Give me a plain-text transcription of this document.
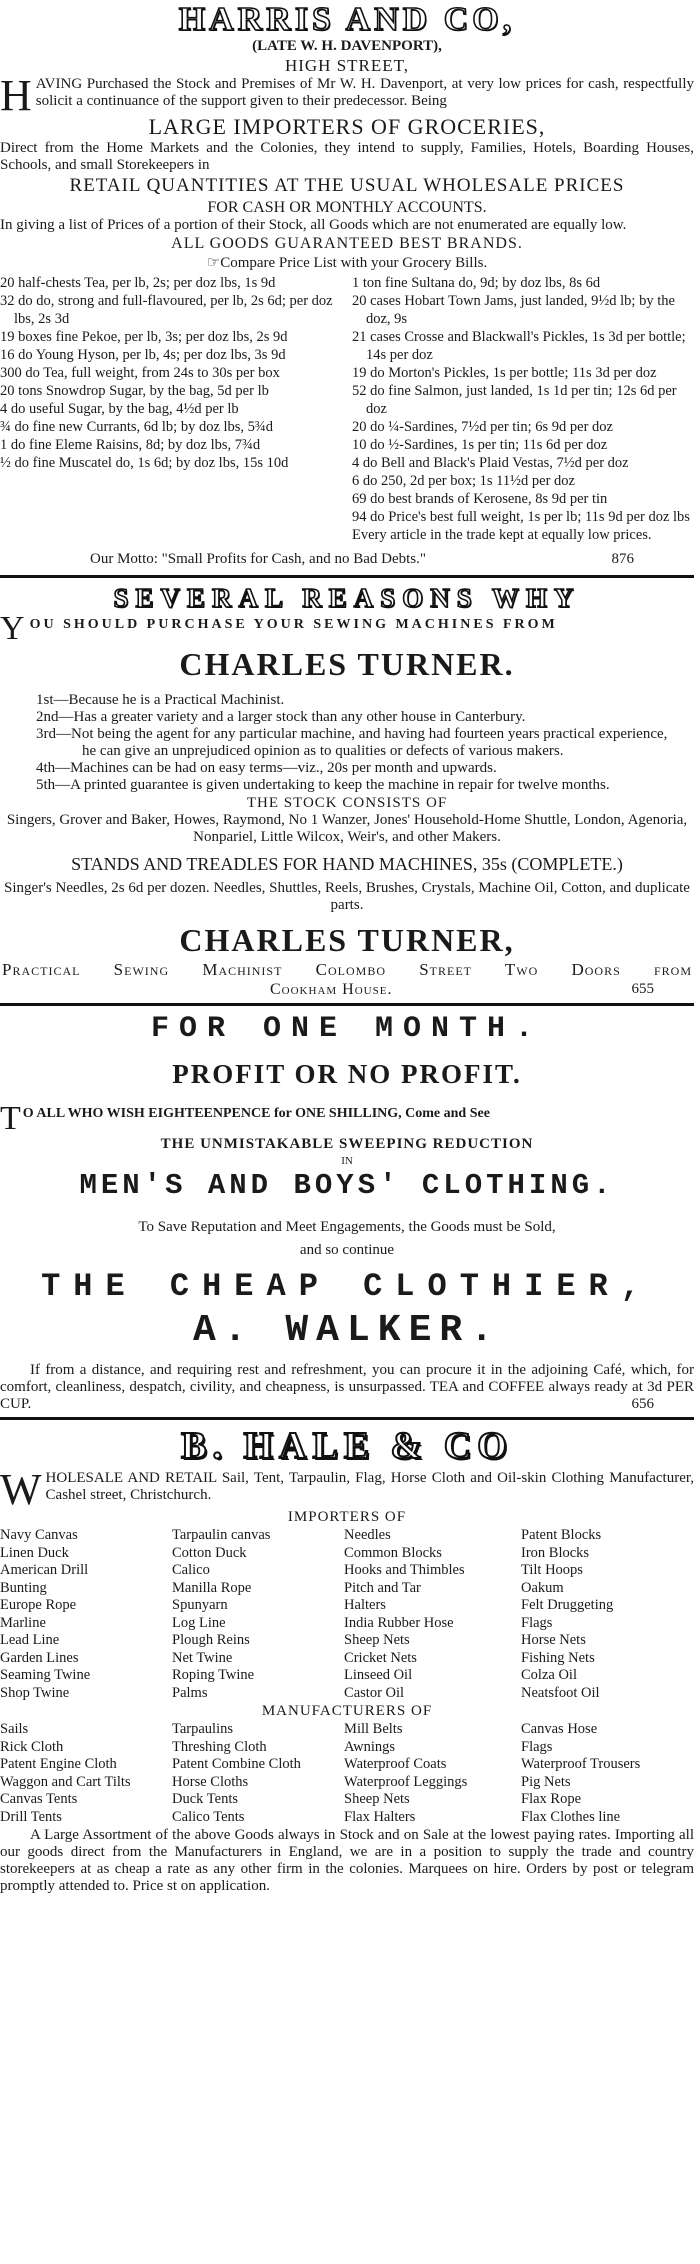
HARRIS AND CO,
(LATE W. H. DAVENPORT),
HIGH STREET,
H AVING Purchased the Stock and Premises of Mr W. H. Davenport, at very low prices for cash, respectfully solicit a continuance of the support given to their predecessor. Being
LARGE IMPORTERS OF GROCERIES,
Direct from the Home Markets and the Colonies, they intend to supply, Families, Hotels, Boarding Houses, Schools, and small Storekeepers in
RETAIL QUANTITIES AT THE USUAL WHOLESALE PRICES
FOR CASH OR MONTHLY ACCOUNTS.
In giving a list of Prices of a portion of their Stock, all Goods which are not enumerated are equally low.
ALL GOODS GUARANTEED BEST BRANDS.
☞Compare Price List with your Grocery Bills.
20 half-chests Tea, per lb, 2s; per doz lbs, 1s 9d
32 do do, strong and full-flavoured, per lb, 2s 6d; per doz lbs, 2s 3d
19 boxes fine Pekoe, per lb, 3s; per doz lbs, 2s 9d
16 do Young Hyson, per lb, 4s; per doz lbs, 3s 9d
300 do Tea, full weight, from 24s to 30s per box
20 tons Snowdrop Sugar, by the bag, 5d per lb
4 do useful Sugar, by the bag, 4½d per lb
¾ do fine new Currants, 6d lb; by doz lbs, 5¾d
1 do fine Eleme Raisins, 8d; by doz lbs, 7¾d
½ do fine Muscatel do, 1s 6d; by doz lbs, 15s 10d
1 ton fine Sultana do, 9d; by doz lbs, 8s 6d
20 cases Hobart Town Jams, just landed, 9½d lb; by the doz, 9s
21 cases Crosse and Blackwall's Pickles, 1s 3d per bottle; 14s per doz
19 do Morton's Pickles, 1s per bottle; 11s 3d per doz
52 do fine Salmon, just landed, 1s 1d per tin; 12s 6d per doz
20 do ¼-Sardines, 7½d per tin; 6s 9d per doz
10 do ½-Sardines, 1s per tin; 11s 6d per doz
4 do Bell and Black's Plaid Vestas, 7½d per doz
6 do 250, 2d per box; 1s 11½d per doz
69 do best brands of Kerosene, 8s 9d per tin
94 do Price's best full weight, 1s per lb; 11s 9d per doz lbs
Every article in the trade kept at equally low prices.
Our Motto: "Small Profits for Cash, and no Bad Debts."	876
SEVERAL REASONS WHY
Y OU SHOULD PURCHASE YOUR SEWING MACHINES FROM
CHARLES TURNER.
1st—Because he is a Practical Machinist.
2nd—Has a greater variety and a larger stock than any other house in Canterbury.
3rd—Not being the agent for any particular machine, and having had fourteen years practical experience, he can give an unprejudiced opinion as to qualities or defects of various makers.
4th—Machines can be had on easy terms—viz., 20s per month and upwards.
5th—A printed guarantee is given undertaking to keep the machine in repair for twelve months.
THE STOCK CONSISTS OF
Singers, Grover and Baker, Howes, Raymond, No 1 Wanzer, Jones' Household-Home Shuttle, London, Agenoria, Nonpariel, Little Wilcox, Weir's, and other Makers.
STANDS AND TREADLES FOR HAND MACHINES, 35s (COMPLETE.)
Singer's Needles, 2s 6d per dozen. Needles, Shuttles, Reels, Brushes, Crystals, Machine Oil, Cotton, and duplicate parts.
CHARLES TURNER,
Practical Sewing Machinist Colombo Street Two Doors from
Cookham House.	655
FOR ONE MONTH.
PROFIT OR NO PROFIT.
T O ALL WHO WISH EIGHTEENPENCE for ONE SHILLING, Come and See
THE UNMISTAKABLE SWEEPING REDUCTION
IN
MEN'S AND BOYS' CLOTHING.
To Save Reputation and Meet Engagements, the Goods must be Sold,
and so continue
THE CHEAP CLOTHIER,
A. WALKER.
If from a distance, and requiring rest and refreshment, you can procure it in the adjoining Café, which, for comfort, cleanliness, despatch, civility, and cheapness, is unsurpassed. TEA and COFFEE always ready at 3d PER CUP.	656
B. HALE & CO
W HOLESALE AND RETAIL Sail, Tent, Tarpaulin, Flag, Horse Cloth and Oil-skin Clothing Manufacturer, Cashel street, Christchurch.
IMPORTERS OF
Navy Canvas	Tarpaulin canvas	Needles	Patent Blocks
Linen Duck	Cotton Duck	Common Blocks	Iron Blocks
American Drill	Calico	Hooks and Thimbles	Tilt Hoops
Bunting	Manilla Rope	Pitch and Tar	Oakum
Europe Rope	Spunyarn	Halters	Felt Druggeting
Marline	Log Line	India Rubber Hose	Flags
Lead Line	Plough Reins	Sheep Nets	Horse Nets
Garden Lines	Net Twine	Cricket Nets	Fishing Nets
Seaming Twine	Roping Twine	Linseed Oil	Colza Oil
Shop Twine	Palms	Castor Oil	Neatsfoot Oil
MANUFACTURERS OF
Sails	Tarpaulins	Mill Belts	Canvas Hose
Rick Cloth	Threshing Cloth	Awnings	Flags
Patent Engine Cloth	Patent Combine Cloth	Waterproof Coats	Waterproof Trousers
Waggon and Cart Tilts	Horse Cloths	Waterproof Leggings	Pig Nets
Canvas Tents	Duck Tents	Sheep Nets	Flax Rope
Drill Tents	Calico Tents	Flax Halters	Flax Clothes line
A Large Assortment of the above Goods always in Stock and on Sale at the lowest paying rates. Importing all our goods direct from the Manufacturers in England, we are in a position to supply the trade and country storekeepers at as cheap a rate as any other firm in the colonies. Marquees on hire. Orders by post or telegram promptly attended to. Price st on application.
